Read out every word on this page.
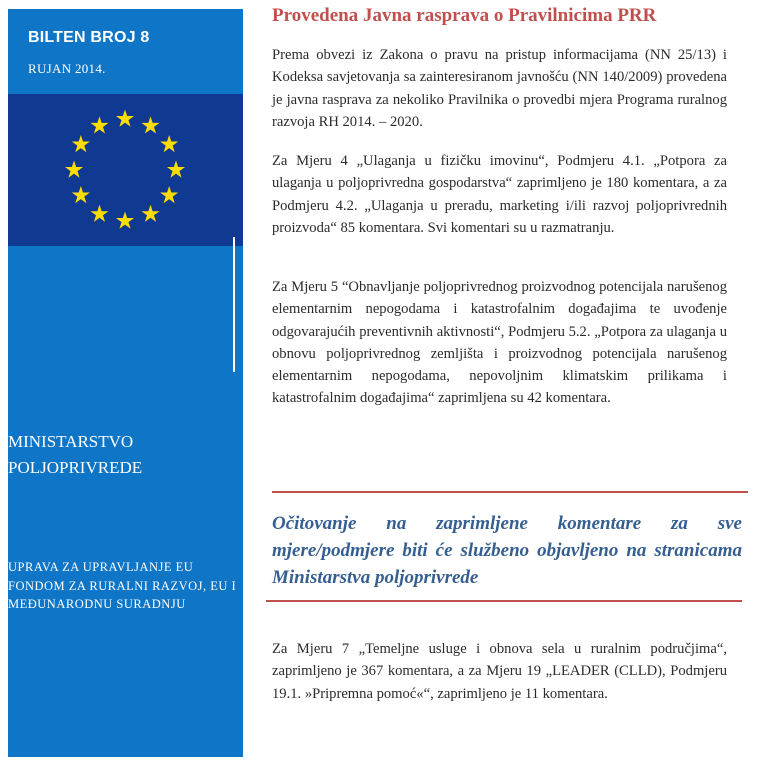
BILTEN BROJ 8
RUJAN 2014.
MINISTARSTVO POLJOPRIVREDE
UPRAVA ZA UPRAVLJANJE EU FONDOM ZA RURALNI RAZVOJ, EU I MEĐUNARODNU SURADNJU
Provedena Javna rasprava o Pravilnicima PRR
Prema obvezi iz Zakona o pravu na pristup informacijama (NN 25/13) i Kodeksa savjetovanja sa zainteresiranom javnošću (NN 140/2009) provedena je javna rasprava za nekoliko Pravilnika o provedbi mjera Programa ruralnog razvoja RH 2014. – 2020.
Za Mjeru 4 „Ulaganja u fizičku imovinu“, Podmjeru 4.1. „Potpora za ulaganja u poljoprivredna gospodarstva“ zaprimljeno je 180 komentara, a za Podmjeru 4.2. „Ulaganja u preradu, marketing i/ili razvoj poljoprivrednih proizvoda“ 85 komentara. Svi komentari su u razmatranju.
Za Mjeru 5 “Obnavljanje poljoprivrednog proizvodnog potencijala narušenog elementarnim nepogodama i katastrofalnim događajima te uvođenje odgovarajućih preventivnih aktivnosti“, Podmjeru 5.2. „Potpora za ulaganja u obnovu poljoprivrednog zemljišta i proizvodnog potencijala narušenog elementarnim nepogodama, nepovoljnim klimatskim prilikama i katastrofalnim događajima“ zaprimljena su 42 komentara.
Očitovanje na zaprimljene komentare za sve mjere/podmjere biti će službeno objavljeno na stranicama Ministarstva poljoprivrede
Za Mjeru 7 „Temeljne usluge i obnova sela u ruralnim područjima“, zaprimljeno je 367 komentara, a za Mjeru 19 „LEADER (CLLD), Podmjeru 19.1. »Pripremna pomoć«“, zaprimljeno je 11 komentara.
